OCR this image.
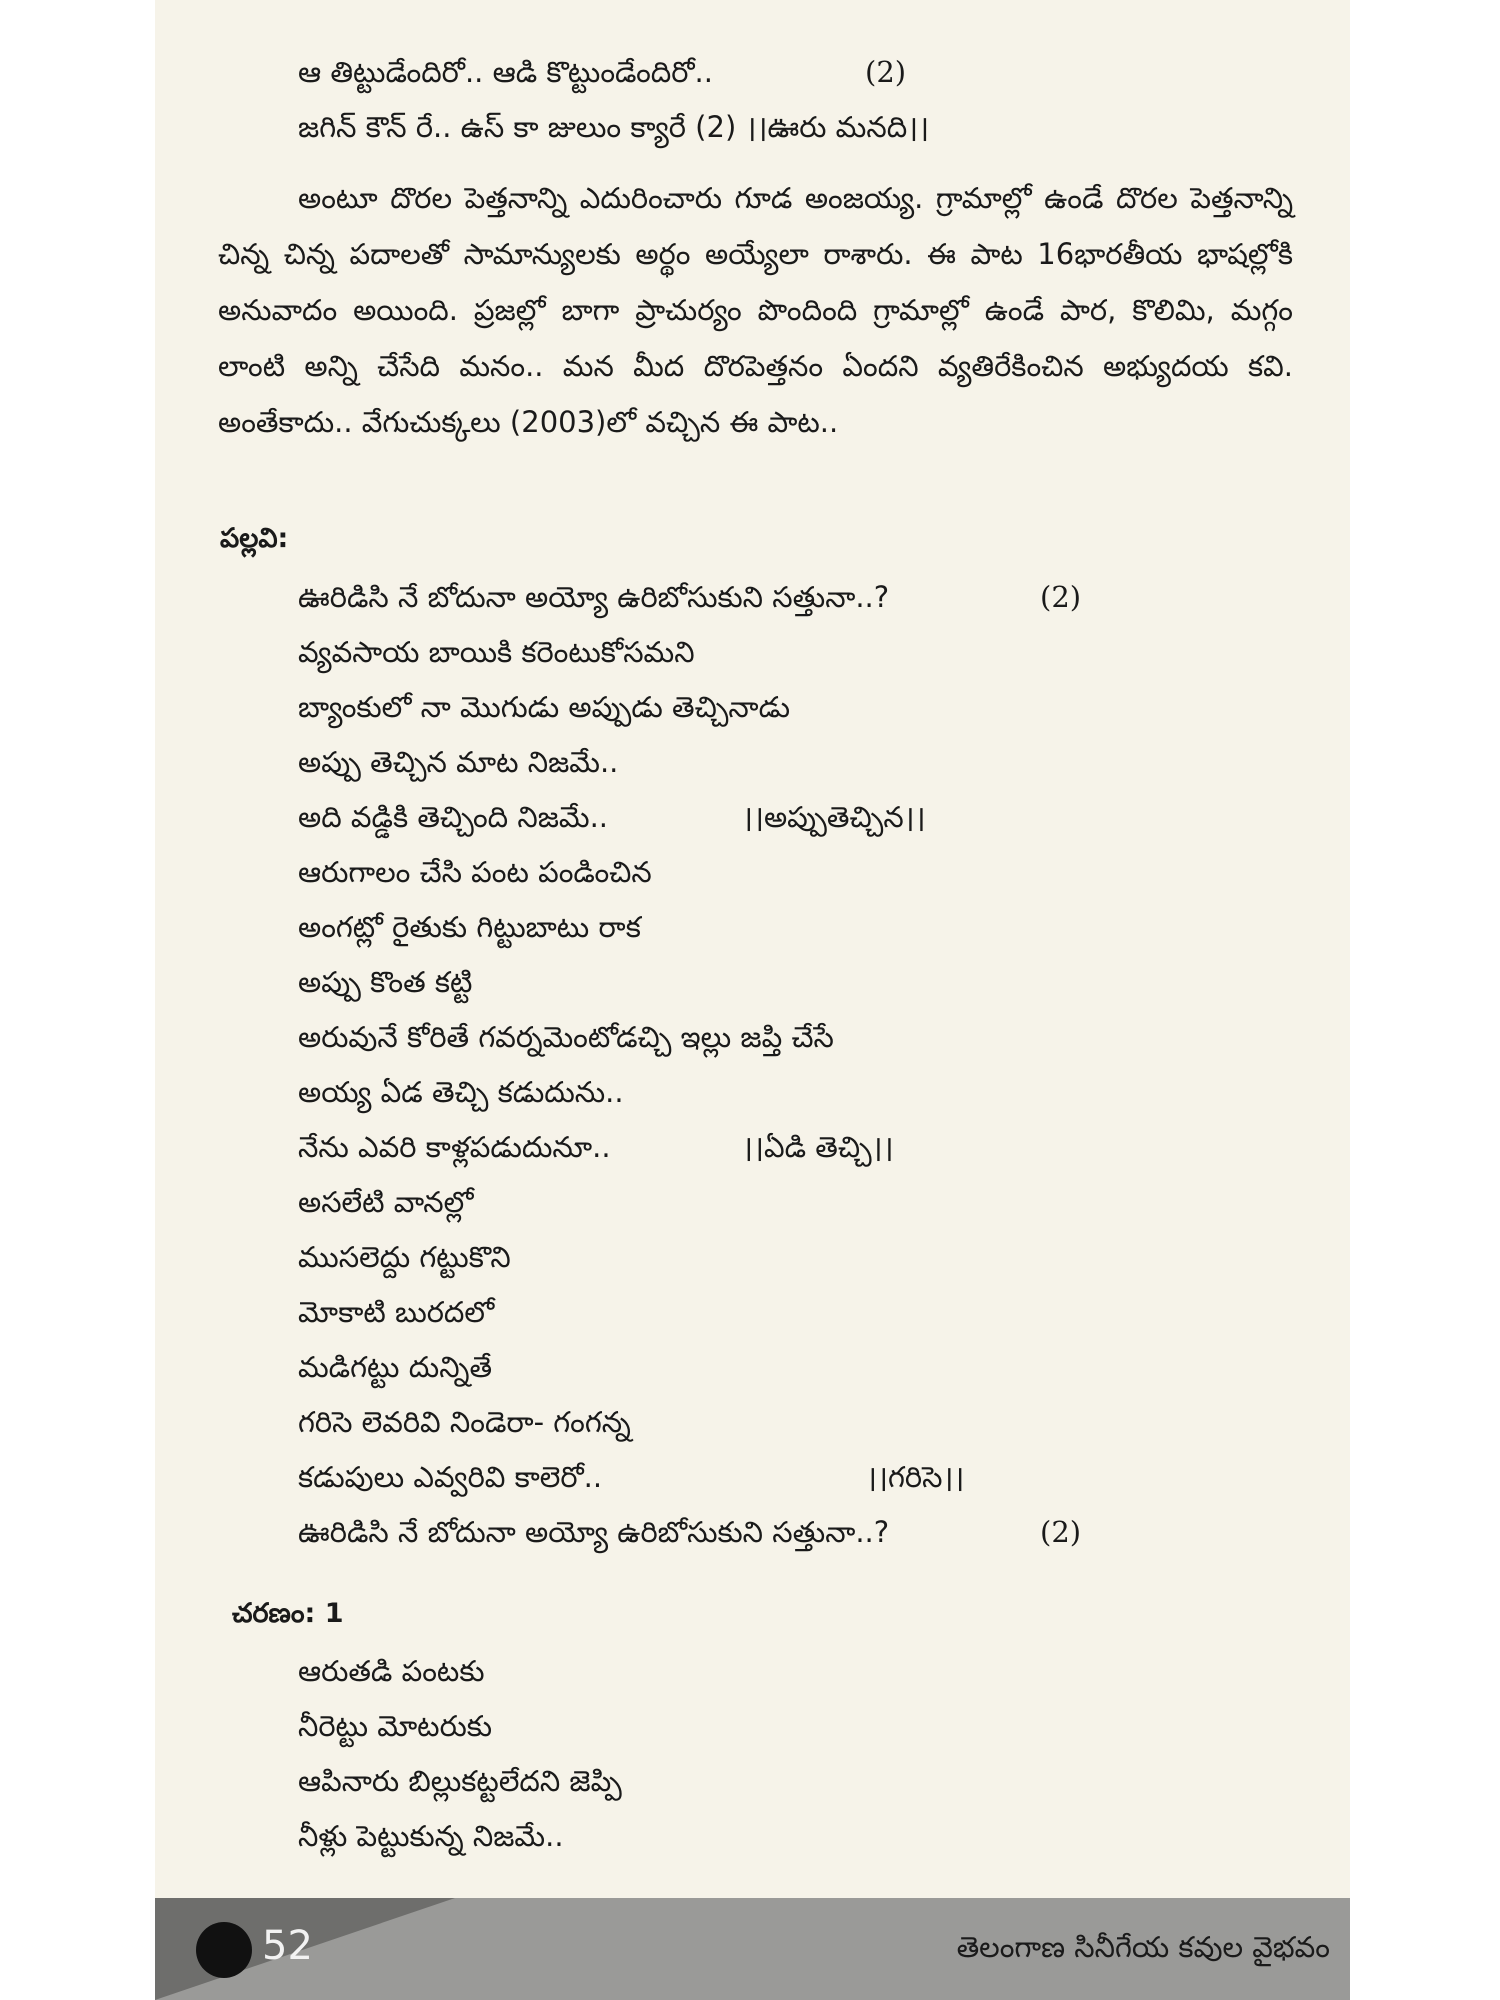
ఆ తిట్టుడేందిరో.. ఆడి కొట్టుండేందిరో..	(2)
జగిన్ కౌన్ రే.. ఉస్ కా జులుం క్యారే (2) ।।ఊరు మనది।।
అంటూ దొరల పెత్తనాన్ని ఎదురించారు గూడ అంజయ్య. గ్రామాల్లో ఉండే దొరల పెత్తనాన్ని చిన్న చిన్న పదాలతో సామాన్యులకు అర్థం అయ్యేలా రాశారు. ఈ పాట 16భారతీయ భాషల్లోకి అనువాదం అయింది. ప్రజల్లో బాగా ప్రాచుర్యం పొందింది గ్రామాల్లో ఉండే పార, కొలిమి, మగ్గం లాంటి అన్ని చేసేది మనం.. మన మీద దొరపెత్తనం ఏందని వ్యతిరేకించిన అభ్యుదయ కవి. అంతేకాదు.. వేగుచుక్కలు (2003)లో వచ్చిన ఈ పాట..
పల్లవి:
ఊరిడిసి నే బోదునా అయ్యో ఉరిబోసుకుని సత్తునా..?	(2)
వ్యవసాయ బాయికి కరెంటుకోసమని
బ్యాంకులో నా మొగుడు అప్పుడు తెచ్చినాడు
అప్పు తెచ్చిన మాట నిజమే..
అది వడ్డికి తెచ్చింది నిజమే..	।।అప్పుతెచ్చిన।।
ఆరుగాలం చేసి పంట పండించిన
అంగట్లో రైతుకు గిట్టుబాటు రాక
అప్పు కొంత కట్టి
అరువునే కోరితే గవర్నమెంటోడచ్చి ఇల్లు జప్తి చేసే
అయ్య ఏడ తెచ్చి కడుదును..
నేను ఎవరి కాళ్లపడుదునూ..	।।ఏడి తెచ్చి।।
అసలేటి వానల్లో
ముసలెద్దు గట్టుకొని
మోకాటి బురదలో
మడిగట్టు దున్నితే
గరిసె లెవరివి నిండెరా- గంగన్న
కడుపులు ఎవ్వరివి కాలెరో..	।।గరిసె।।
ఊరిడిసి నే బోదునా అయ్యో ఉరిబోసుకుని సత్తునా..?	(2)
చరణం: 1
ఆరుతడి పంటకు
నీరెట్టు మోటరుకు
ఆపినారు బిల్లుకట్టలేదని జెప్పి
నీళ్లు పెట్టుకున్న నిజమే..
52	తెలంగాణ సినీగేయ కవుల వైభవం
